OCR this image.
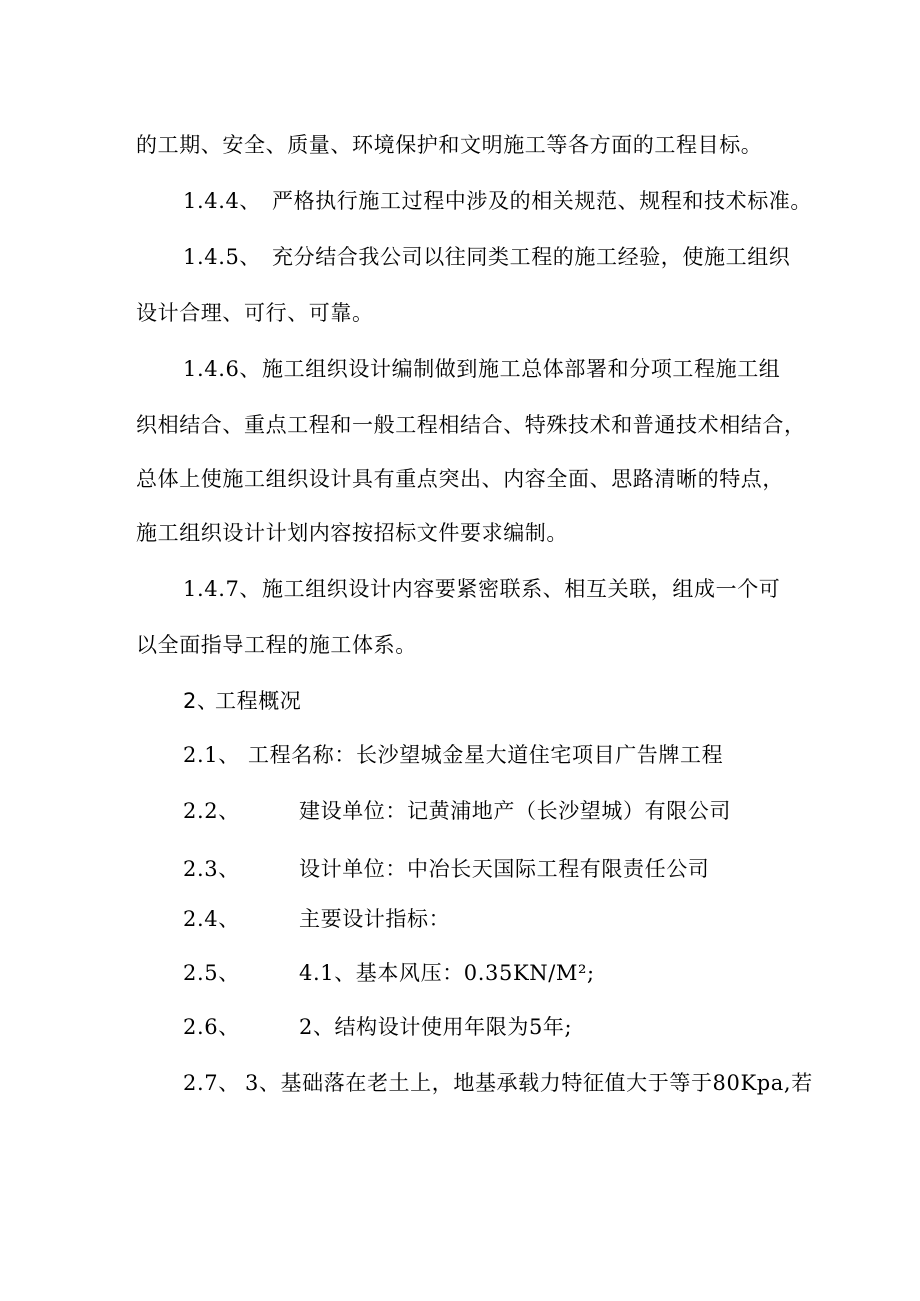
的工期、安全、质量、环境保护和文明施工等各方面的工程目标。
1.4.4、 严格执行施工过程中涉及的相关规范、规程和技术标准。
1.4.5、 充分结合我公司以往同类工程的施工经验，使施工组织
设计合理、可行、可靠。
1.4.6、 施工组织设计编制做到施工总体部署和分项工程施工组
织相结合、重点工程和一般工程相结合、特殊技术和普通技术相结合，
总体上使施工组织设计具有重点突出、内容全面、思路清晰的特点，
施工组织设计计划内容按招标文件要求编制。
1.4.7、 施工组织设计内容要紧密联系、相互关联，组成一个可
以全面指导工程的施工体系。
2、
工程概况
2.1、 工程名称：长沙望城金星大道住宅项目广告牌工程
2.2、	建设单位：记黄浦地产（长沙望城）有限公司
2.3、	设计单位：中冶长天国际工程有限责任公司
2.4、	主要设计指标：
2.5、	4.1、基本风压：0.35KN/M²;
2.6、	2、结构设计使用年限为5年;
2.7、 3、基础落在老土上，地基承载力特征值大于等于80Kpa,若
